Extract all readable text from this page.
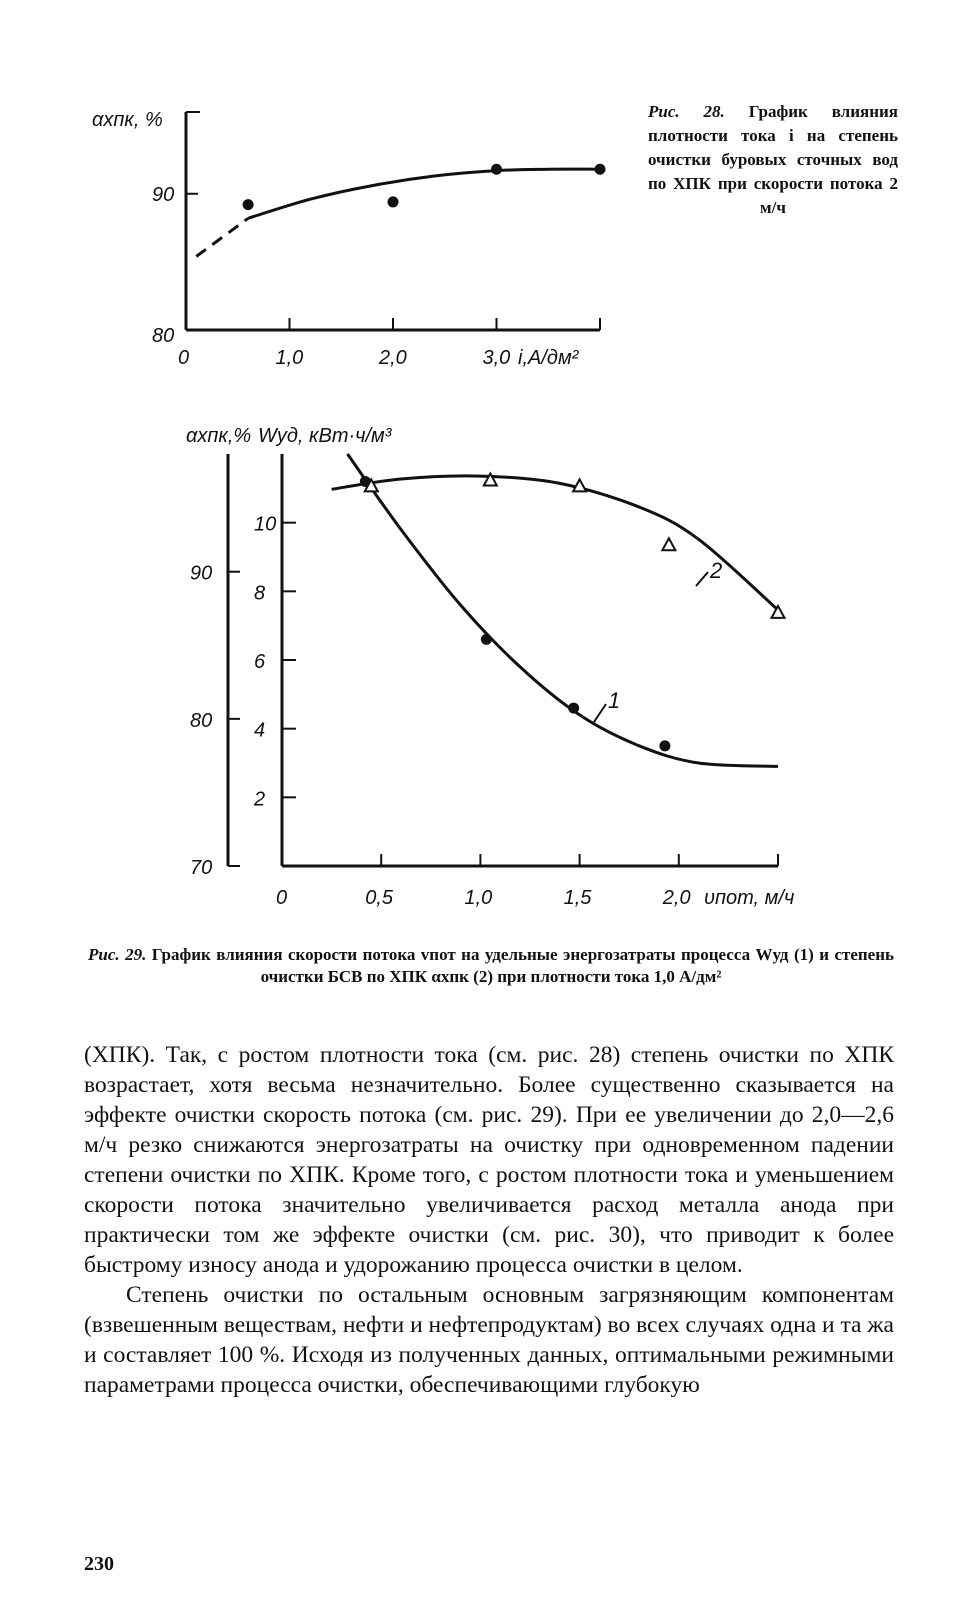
0	1,0	2,0	3,0
80
90
αхпк, %
i,A/дм²
Рис. 28. График влияния плотности тока i на степень очистки буровых сточных вод по ХПК при скорости потока 2 м/ч
0	0,5	1,0	1,5	2,0
70
80
90
2
4
6
8
10
αхпк,% Wуд, кВт·ч/м³
υпот, м/ч
1
2
Рис. 29. График влияния скорости потока vпот на удельные энергозатраты процесса Wуд (1) и степень очистки БСВ по ХПК αхпк (2) при плотности тока 1,0 А/дм²

(ХПК). Так, с ростом плотности тока (см. рис. 28) степень очистки по ХПК возрастает, хотя весьма незначительно. Более существенно сказывается на эффекте очистки скорость потока (см. рис. 29). При ее увеличении до 2,0—2,6 м/ч резко снижаются энергозатраты на очистку при одновременном падении степени очистки по ХПК. Кроме того, с ростом плотности тока и уменьшением скорости потока значительно увеличивается расход металла анода при практически том же эффекте очистки (см. рис. 30), что приводит к более быстрому износу анода и удорожанию процесса очистки в целом.

Степень очистки по остальным основным загрязняющим компонентам (взвешенным веществам, нефти и нефтепродуктам) во всех случаях одна и та жа и составляет 100 %. Исходя из полученных данных, оптимальными режимными параметрами процесса очистки, обеспечивающими глубокую

230
